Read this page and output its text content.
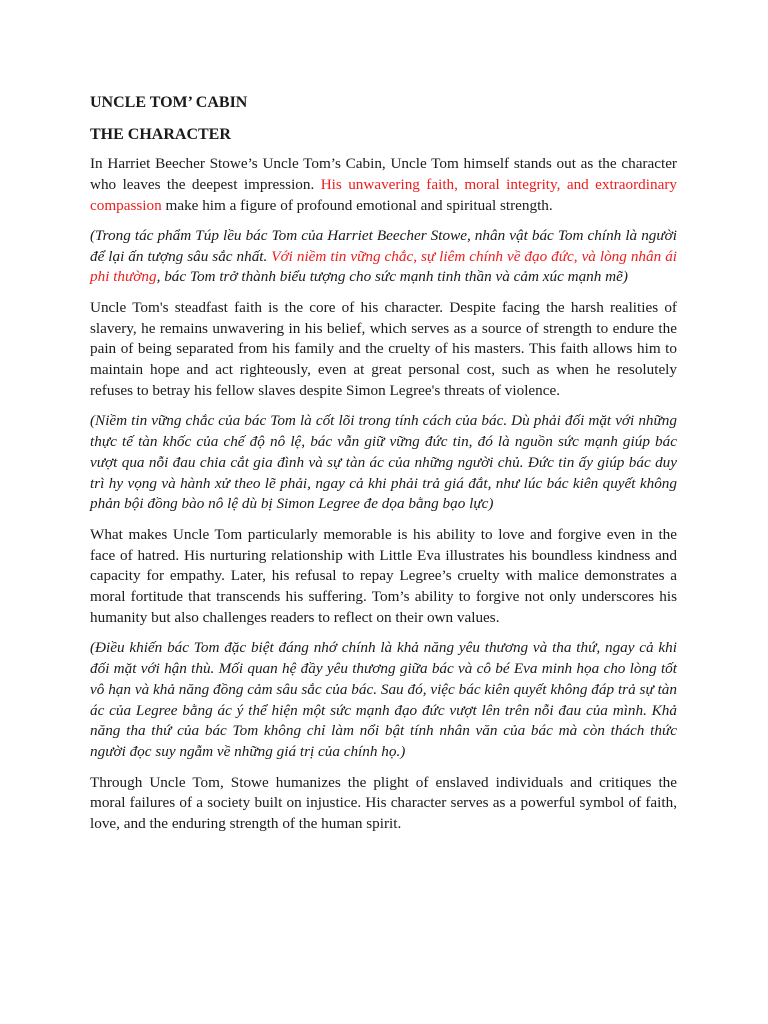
UNCLE TOM’ CABIN
THE CHARACTER

In Harriet Beecher Stowe’s Uncle Tom’s Cabin, Uncle Tom himself stands out as the character who leaves the deepest impression. His unwavering faith, moral integrity, and extraordinary compassion make him a figure of profound emotional and spiritual strength.

(Trong tác phẩm Túp lều bác Tom của Harriet Beecher Stowe, nhân vật bác Tom chính là người để lại ấn tượng sâu sắc nhất. Với niềm tin vững chắc, sự liêm chính về đạo đức, và lòng nhân ái phi thường, bác Tom trở thành biểu tượng cho sức mạnh tinh thần và cảm xúc mạnh mẽ)

Uncle Tom's steadfast faith is the core of his character. Despite facing the harsh realities of slavery, he remains unwavering in his belief, which serves as a source of strength to endure the pain of being separated from his family and the cruelty of his masters. This faith allows him to maintain hope and act righteously, even at great personal cost, such as when he resolutely refuses to betray his fellow slaves despite Simon Legree's threats of violence.

(Niềm tin vững chắc của bác Tom là cốt lõi trong tính cách của bác. Dù phải đối mặt với những thực tế tàn khốc của chế độ nô lệ, bác vẫn giữ vững đức tin, đó là nguồn sức mạnh giúp bác vượt qua nỗi đau chia cắt gia đình và sự tàn ác của những người chủ. Đức tin ấy giúp bác duy trì hy vọng và hành xử theo lẽ phải, ngay cả khi phải trả giá đắt, như lúc bác kiên quyết không phản bội đồng bào nô lệ dù bị Simon Legree đe dọa bằng bạo lực)

What makes Uncle Tom particularly memorable is his ability to love and forgive even in the face of hatred. His nurturing relationship with Little Eva illustrates his boundless kindness and capacity for empathy. Later, his refusal to repay Legree’s cruelty with malice demonstrates a moral fortitude that transcends his suffering. Tom’s ability to forgive not only underscores his humanity but also challenges readers to reflect on their own values.

(Điều khiến bác Tom đặc biệt đáng nhớ chính là khả năng yêu thương và tha thứ, ngay cả khi đối mặt với hận thù. Mối quan hệ đầy yêu thương giữa bác và cô bé Eva minh họa cho lòng tốt vô hạn và khả năng đồng cảm sâu sắc của bác. Sau đó, việc bác kiên quyết không đáp trả sự tàn ác của Legree bằng ác ý thể hiện một sức mạnh đạo đức vượt lên trên nỗi đau của mình. Khả năng tha thứ của bác Tom không chỉ làm nổi bật tính nhân văn của bác mà còn thách thức người đọc suy ngẫm về những giá trị của chính họ.)

Through Uncle Tom, Stowe humanizes the plight of enslaved individuals and critiques the moral failures of a society built on injustice. His character serves as a powerful symbol of faith, love, and the enduring strength of the human spirit.
